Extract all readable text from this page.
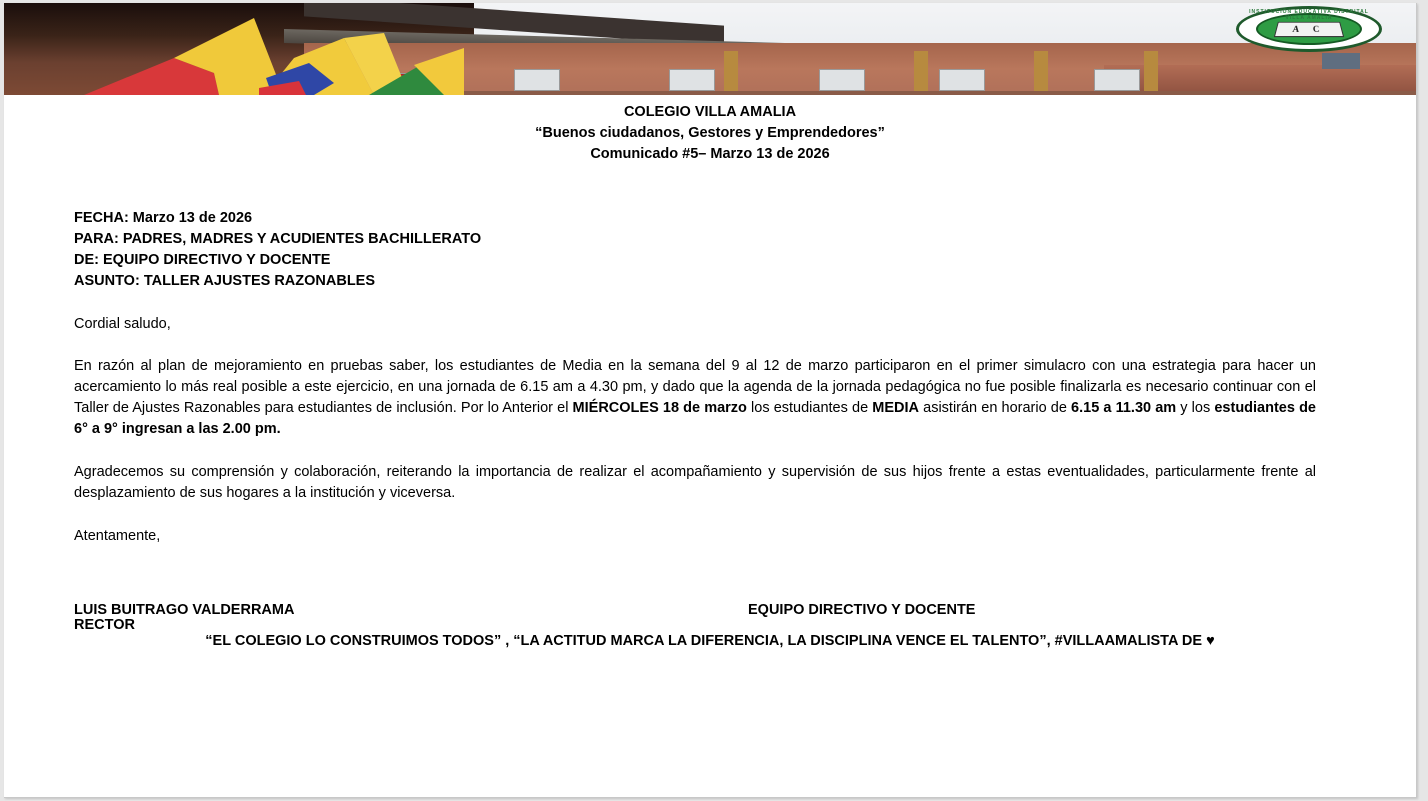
INSTITUCIÓN EDUCATIVA DISTRITAL VILLA AMALIA
A C
COLEGIO VILLA AMALIA
“Buenos ciudadanos, Gestores y Emprendedores”
Comunicado #5– Marzo 13 de 2026
FECHA: Marzo 13 de 2026
PARA: PADRES, MADRES Y ACUDIENTES BACHILLERATO
DE: EQUIPO DIRECTIVO Y DOCENTE
ASUNTO: TALLER AJUSTES RAZONABLES
Cordial saludo,
En razón al plan de mejoramiento en pruebas saber, los estudiantes de Media en la semana del 9 al 12 de marzo participaron en el primer simulacro con una estrategia para hacer un acercamiento lo más real posible a este ejercicio, en una jornada de 6.15 am a 4.30 pm, y dado que la agenda de la jornada pedagógica no fue posible finalizarla es necesario continuar con el Taller de Ajustes Razonables para estudiantes de inclusión. Por lo Anterior el MIÉRCOLES 18 de marzo los estudiantes de MEDIA asistirán en horario de 6.15 a 11.30 am y los estudiantes de 6° a 9° ingresan a las 2.00 pm.
Agradecemos su comprensión y colaboración, reiterando la importancia de realizar el acompañamiento y supervisión de sus hijos frente a estas eventualidades, particularmente frente al desplazamiento de sus hogares a la institución y viceversa.
Atentamente,
LUIS BUITRAGO VALDERRAMA
RECTOR
EQUIPO DIRECTIVO Y DOCENTE
“EL COLEGIO LO CONSTRUIMOS TODOS” , “LA ACTITUD MARCA LA DIFERENCIA, LA DISCIPLINA VENCE EL TALENTO”, #VILLAAMALISTA DE ♥
